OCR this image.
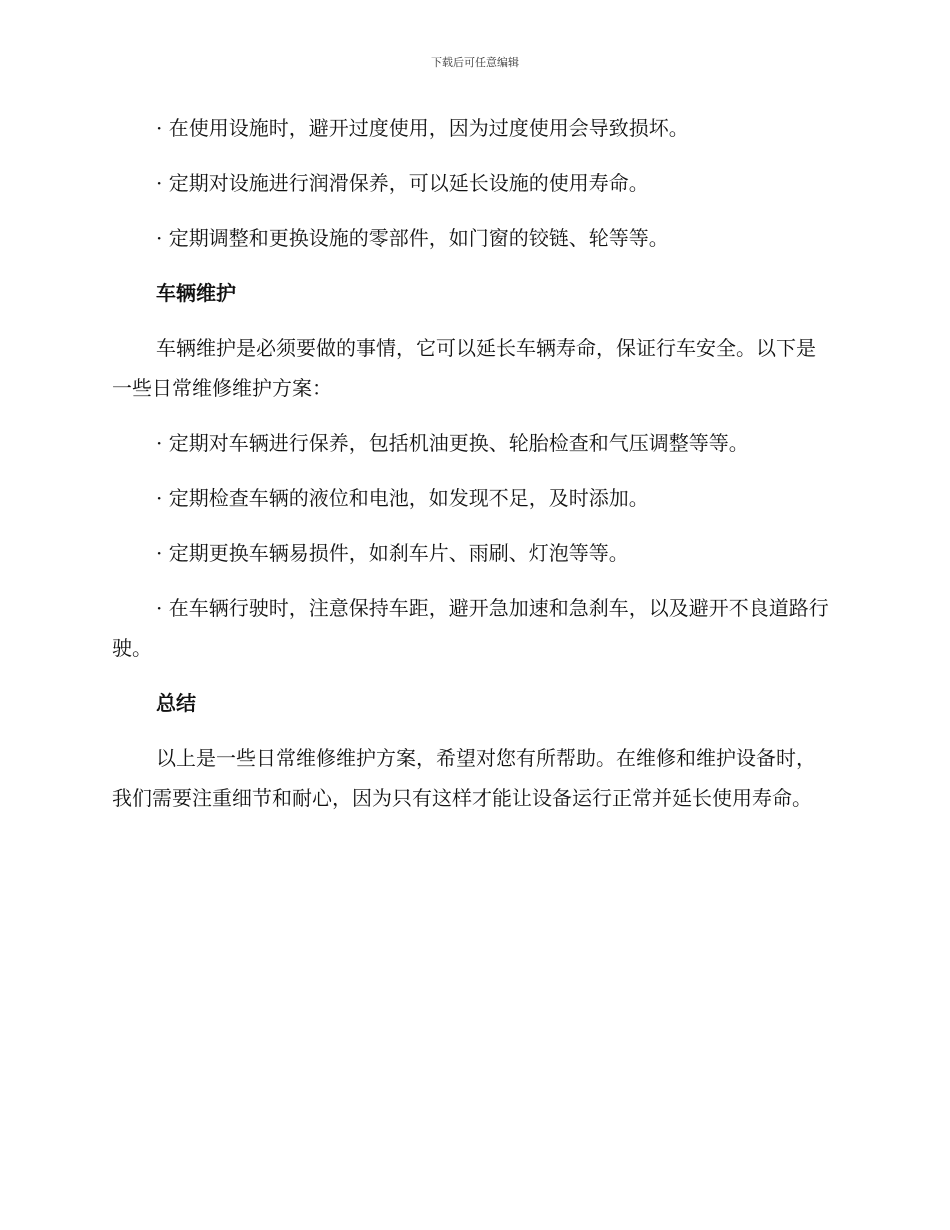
下载后可任意编辑

· 在使用设施时，避开过度使用，因为过度使用会导致损坏。

· 定期对设施进行润滑保养，可以延长设施的使用寿命。

· 定期调整和更换设施的零部件，如门窗的铰链、轮等等。

车辆维护

车辆维护是必须要做的事情，它可以延长车辆寿命，保证行车安全。以下是一些日常维修维护方案：

· 定期对车辆进行保养，包括机油更换、轮胎检查和气压调整等等。

· 定期检查车辆的液位和电池，如发现不足，及时添加。

· 定期更换车辆易损件，如刹车片、雨刷、灯泡等等。

· 在车辆行驶时，注意保持车距，避开急加速和急刹车，以及避开不良道路行驶。

总结

以上是一些日常维修维护方案，希望对您有所帮助。在维修和维护设备时，我们需要注重细节和耐心，因为只有这样才能让设备运行正常并延长使用寿命。
